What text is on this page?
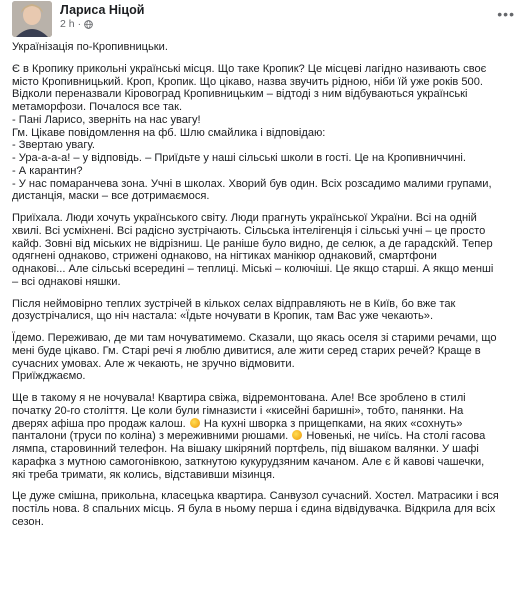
Лариса Ніцой
2 h ·
•••

Українізація по-Кропивницьки.

Є в Кропику прикольні українські місця. Що таке Кропик? Це місцеві лагідно називають своє
місто Кропивницький. Кроп, Кропик. Що цікаво, назва звучить рідною, ніби їй уже років 500.
Відколи переназвали Кіровоград Кропивницьким – відтоді з ним відбуваються українські
метаморфози. Почалося все так.
- Пані Ларисо, зверніть на нас увагу!
Гм. Цікаве повідомлення на фб. Шлю смайлика і відповідаю:
- Звертаю увагу.
- Ура-а-а-а! – у відповідь. – Приїдьте у наші сільські школи в гості. Це на Кропивниччині.
- А карантин?
- У нас помаранчева зона. Учні в школах. Хворий був один. Всіх розсадимо малими групами,
дистанція, маски – все дотримаємося.

Приїхала. Люди хочуть українського світу. Люди прагнуть української України. Всі на одній
хвилі. Всі усміхнені. Всі радісно зустрічають. Сільська інтелігенція і сільські учні – це просто
кайф. Зовні від міських не відрізниш. Це раніше було видно, де селюк, а де гарадскѝй. Тепер
одягнені однаково, стрижені однаково, на нігтиках манікюр однаковий, смартфони
однакові... Але сільські всередині – теплиці. Міські – колючіші. Це якщо старші. А якщо менші
– всі однакові няшки.

Після неймовірно теплих зустрічей в кількох селах відправляють не в Київ, бо вже так
дозустрічалися, що ніч настала: «Їдьте ночувати в Кропик, там Вас уже чекають».

Їдемо. Переживаю, де ми там ночуватимемо. Сказали, що якась оселя зі старими речами, що
мені буде цікаво. Гм. Старі речі я люблю дивитися, але жити серед старих речей? Краще в
сучасних умовах. Але ж чекають, не зручно відмовити.
Приїжджаємо.

Ще в такому я не ночувала! Квартира свіжа, відремонтована. Але! Все зроблено в стилі
початку 20-го століття. Це коли були гімназисти і «кисейні баришні», тобто, панянки. На
дверях афіша про продаж калош.  На кухні шворка з прищепками, на яких «сохнуть»
панталони (труси по коліна) з мереживними рюшами.  Новенькі, не чиїсь. На столі гасова
лямпа, старовинний телефон. На вішаку шкіряний портфель, під вішаком валянки. У шафі
карафка з мутною самогонівкою, заткнутою кукурудзяним качаном. Але є й кавові чашечки,
які треба тримати, як колись, відставивши мізинця.

Це дуже смішна, прикольна, класецька квартира. Санвузол сучасний. Хостел. Матрасики і вся
постіль нова. 8 спальних місць. Я була в ньому перша і єдина відвідувачка. Відкрила для всіх
сезон.
